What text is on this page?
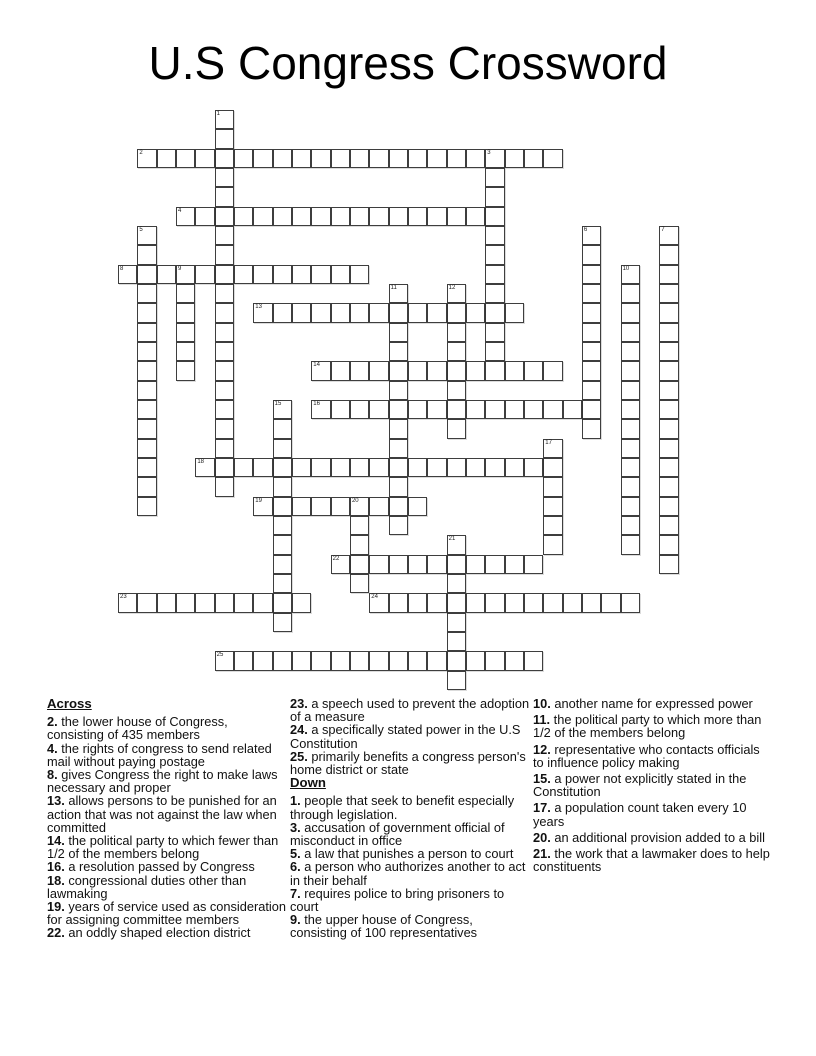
U.S Congress Crossword
1
2	3
4
5	6	7
8	9	10
11	12
13
14
15	16
17
18
19	20
21
22
23	24
25
Across
2. the lower house of Congress, consisting of 435 members
4. the rights of congress to send related mail without paying postage
8. gives Congress the right to make laws necessary and proper
13. allows persons to be punished for an action that was not against the law when committed
14. the political party to which fewer than 1/2 of the members belong
16. a resolution passed by Congress
18. congressional duties other than lawmaking
19. years of service used as consideration for assigning committee members
22. an oddly shaped election district
23. a speech used to prevent the adoption of a measure
24. a specifically stated power in the U.S Constitution
25. primarily benefits a congress person's home district or state
Down
1. people that seek to benefit especially through legislation.
3. accusation of government official of misconduct in office
5. a law that punishes a person to court
6. a person who authorizes another to act in their behalf
7. requires police to bring prisoners to court
9. the upper house of Congress, consisting of 100 representatives
10. another name for expressed power
11. the political party to which more than 1/2 of the members belong
12. representative who contacts officials to influence policy making
15. a power not explicitly stated in the Constitution
17. a population count taken every 10 years
20. an additional provision added to a bill
21. the work that a lawmaker does to help constituents
